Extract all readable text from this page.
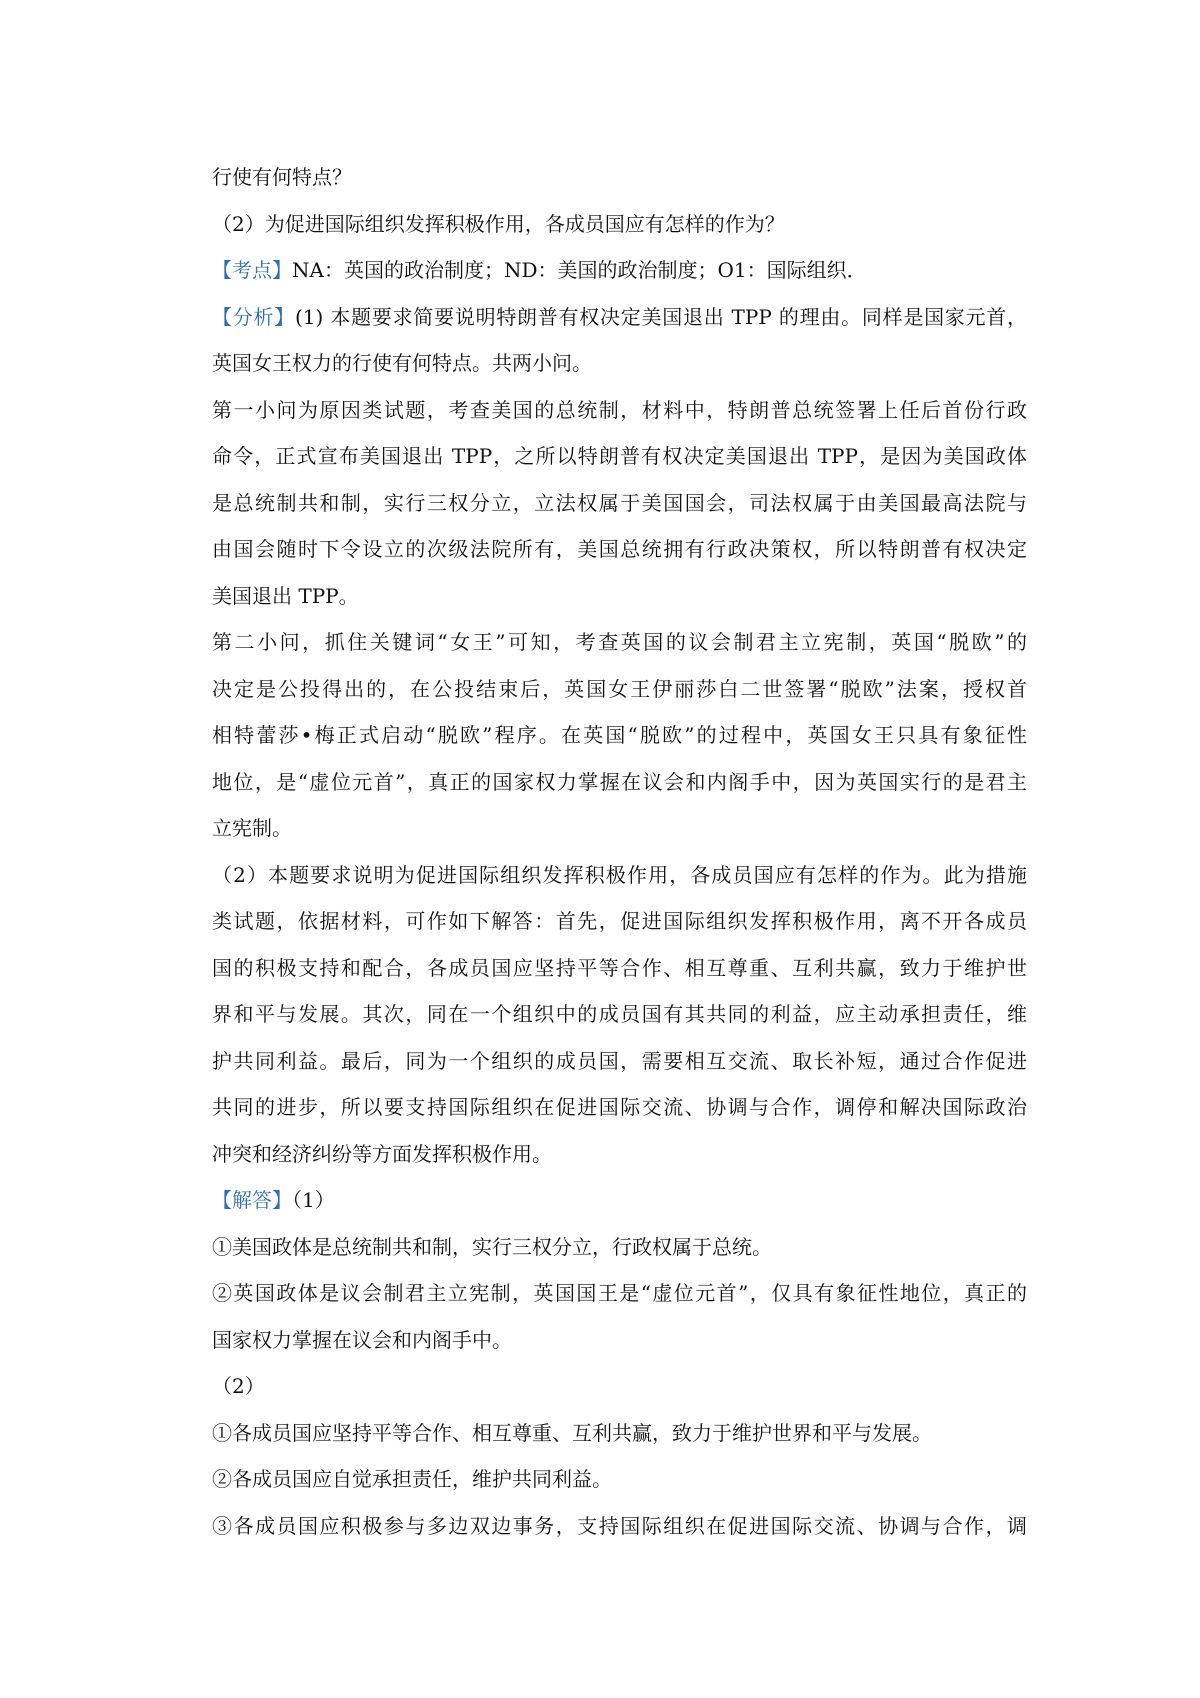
行使有何特点？

（2）为促进国际组织发挥积极作用，各成员国应有怎样的作为？

【考点】NA：英国的政治制度；ND：美国的政治制度；O1：国际组织．

【分析】(1) 本题要求简要说明特朗普有权决定美国退出 TPP 的理由。同样是国家元首，

英国女王权力的行使有何特点。共两小问。

第一小问为原因类试题，考查美国的总统制，材料中，特朗普总统签署上任后首份行政

命令，正式宣布美国退出 TPP，之所以特朗普有权决定美国退出 TPP，是因为美国政体

是总统制共和制，实行三权分立，立法权属于美国国会，司法权属于由美国最高法院与

由国会随时下令设立的次级法院所有，美国总统拥有行政决策权，所以特朗普有权决定

美国退出 TPP。

第二小问，抓住关键词“女王”可知，考查英国的议会制君主立宪制，英国“脱欧”的

决定是公投得出的，在公投结束后，英国女王伊丽莎白二世签署“脱欧”法案，授权首

相特蕾莎•梅正式启动“脱欧”程序。在英国“脱欧”的过程中，英国女王只具有象征性

地位，是“虚位元首”，真正的国家权力掌握在议会和内阁手中，因为英国实行的是君主

立宪制。

（2）本题要求说明为促进国际组织发挥积极作用，各成员国应有怎样的作为。此为措施

类试题，依据材料，可作如下解答：首先，促进国际组织发挥积极作用，离不开各成员

国的积极支持和配合，各成员国应坚持平等合作、相互尊重、互利共赢，致力于维护世

界和平与发展。其次，同在一个组织中的成员国有其共同的利益，应主动承担责任，维

护共同利益。最后，同为一个组织的成员国，需要相互交流、取长补短，通过合作促进

共同的进步，所以要支持国际组织在促进国际交流、协调与合作，调停和解决国际政治

冲突和经济纠纷等方面发挥积极作用。

【解答】（1）

①美国政体是总统制共和制，实行三权分立，行政权属于总统。

②英国政体是议会制君主立宪制，英国国王是“虚位元首”，仅具有象征性地位，真正的

国家权力掌握在议会和内阁手中。

（2）

①各成员国应坚持平等合作、相互尊重、互利共赢，致力于维护世界和平与发展。

②各成员国应自觉承担责任，维护共同利益。

③各成员国应积极参与多边双边事务，支持国际组织在促进国际交流、协调与合作，调
